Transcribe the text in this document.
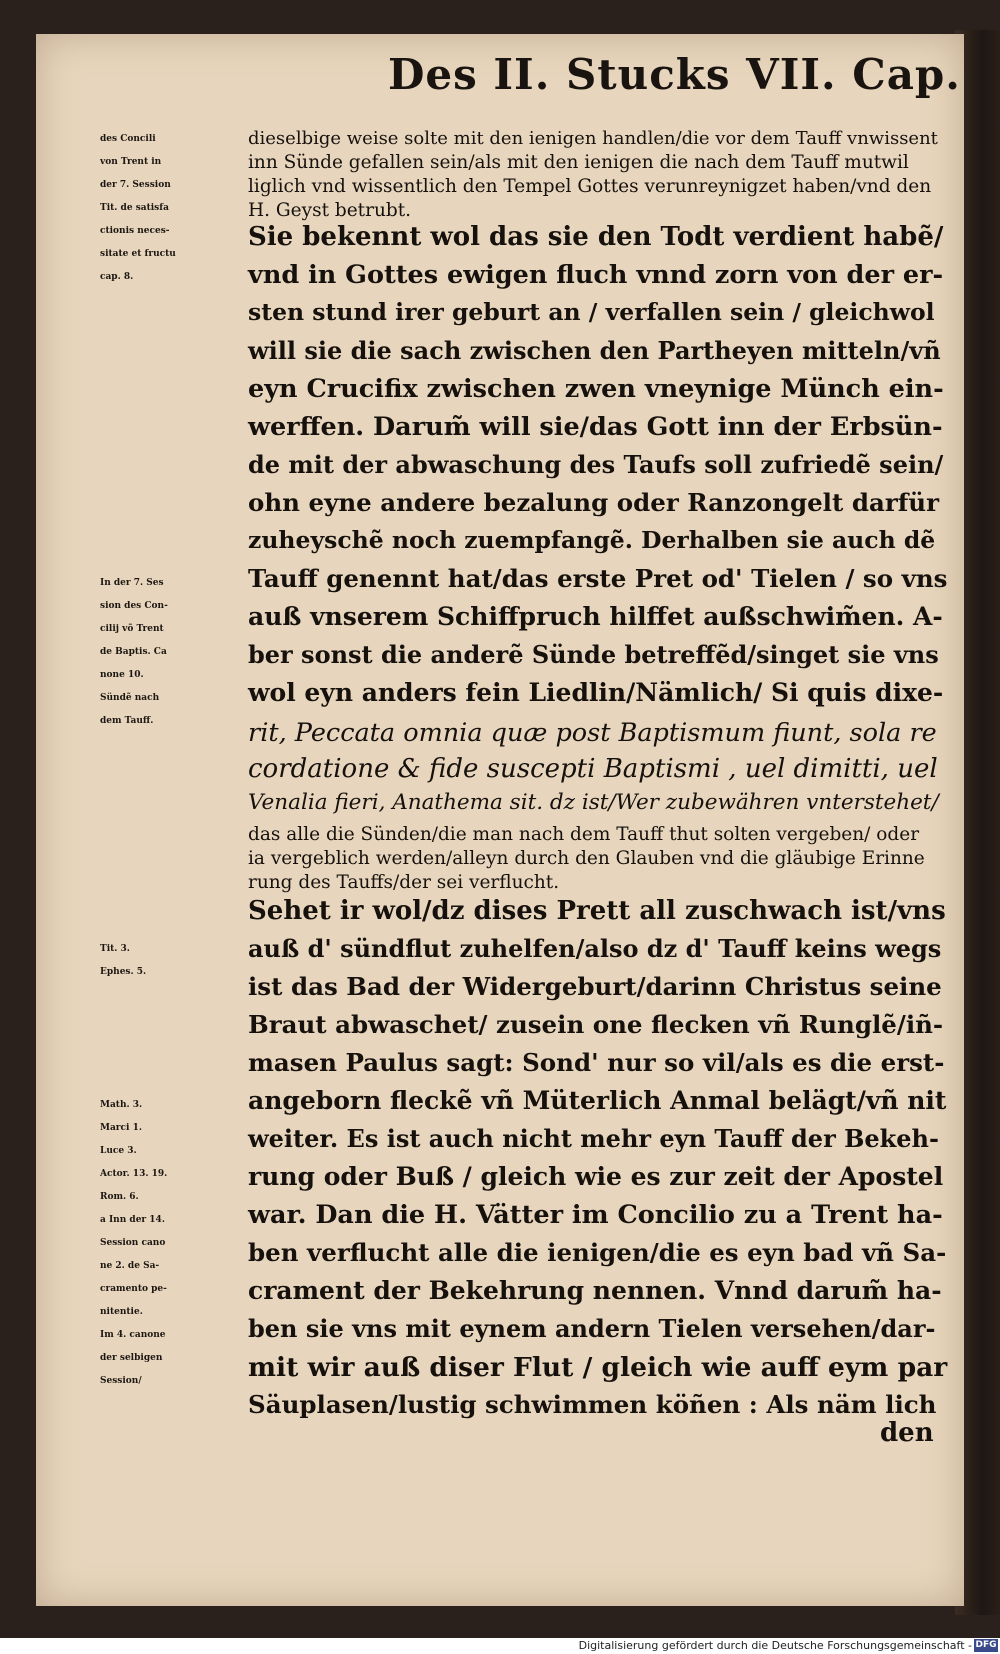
Des II. Stucks VII. Cap.
des Concili
von Trent in
der 7. Session
Tit. de satisfa
ctionis neces-
sitate et fructu
cap. 8.
In der 7. Ses
sion des Con-
cilij võ Trent
de Baptis. Ca
none 10.
Sündẽ nach
dem Tauff.
Tit. 3.
Ephes. 5.
Math. 3.
Marci 1.
Luce 3.
Actor. 13. 19.
Rom. 6.
a Inn der 14.
Session cano
ne 2. de Sa-
cramento pe-
nitentie.
Im 4. canone
der selbigen
Session/
dieselbige weise solte mit den ienigen handlen/die vor dem Tauff vnwissent
inn Sünde gefallen sein/als mit den ienigen die nach dem Tauff mutwil
liglich vnd wissentlich den Tempel Gottes verunreynigzet haben/vnd den
H. Geyst betrubt.
Sie bekennt wol das sie den Todt verdient habẽ/
vnd in Gottes ewigen fluch vnnd zorn von der er-
sten stund irer geburt an / verfallen sein / gleichwol
will sie die sach zwischen den Partheyen mitteln/vñ
eyn Crucifix zwischen zwen vneynige Münch ein-
werffen. Darum̃ will sie/das Gott inn der Erbsün-
de mit der abwaschung des Taufs soll zufriedẽ sein/
ohn eyne andere bezalung oder Ranzongelt darfür
zuheyschẽ noch zuempfangẽ. Derhalben sie auch dẽ
Tauff genennt hat/das erste Pret od' Tielen / so vns
auß vnserem Schiffpruch hilffet außschwim̃en. A-
ber sonst die anderẽ Sünde betreffẽd/singet sie vns
wol eyn anders fein Liedlin/Nämlich/ Si quis dixe-
rit, Peccata omnia quæ post Baptismum fiunt, sola re
cordatione & fide suscepti Baptismi , uel dimitti, uel
Venalia fieri, Anathema sit. dz ist/Wer zubewähren vnterstehet/
das alle die Sünden/die man nach dem Tauff thut solten vergeben/ oder
ia vergeblich werden/alleyn durch den Glauben vnd die gläubige Erinne
rung des Tauffs/der sei verflucht.
Sehet ir wol/dz dises Prett all zuschwach ist/vns
auß d' sündflut zuhelfen/also dz d' Tauff keins wegs
ist das Bad der Widergeburt/darinn Christus seine
Braut abwaschet/ zusein one flecken vñ Runglẽ/iñ-
masen Paulus sagt: Sond' nur so vil/als es die erst-
angeborn fleckẽ vñ Müterlich Anmal belägt/vñ nit
weiter. Es ist auch nicht mehr eyn Tauff der Bekeh-
rung oder Buß / gleich wie es zur zeit der Apostel
war. Dan die H. Vätter im Concilio zu a Trent ha-
ben verflucht alle die ienigen/die es eyn bad vñ Sa-
crament der Bekehrung nennen. Vnnd darum̃ ha-
ben sie vns mit eynem andern Tielen versehen/dar-
mit wir auß diser Flut / gleich wie auff eym par
Säuplasen/lustig schwimmen köñen : Als näm lich
den
Digitalisierung gefördert durch die Deutsche Forschungsgemeinschaft - DFG
